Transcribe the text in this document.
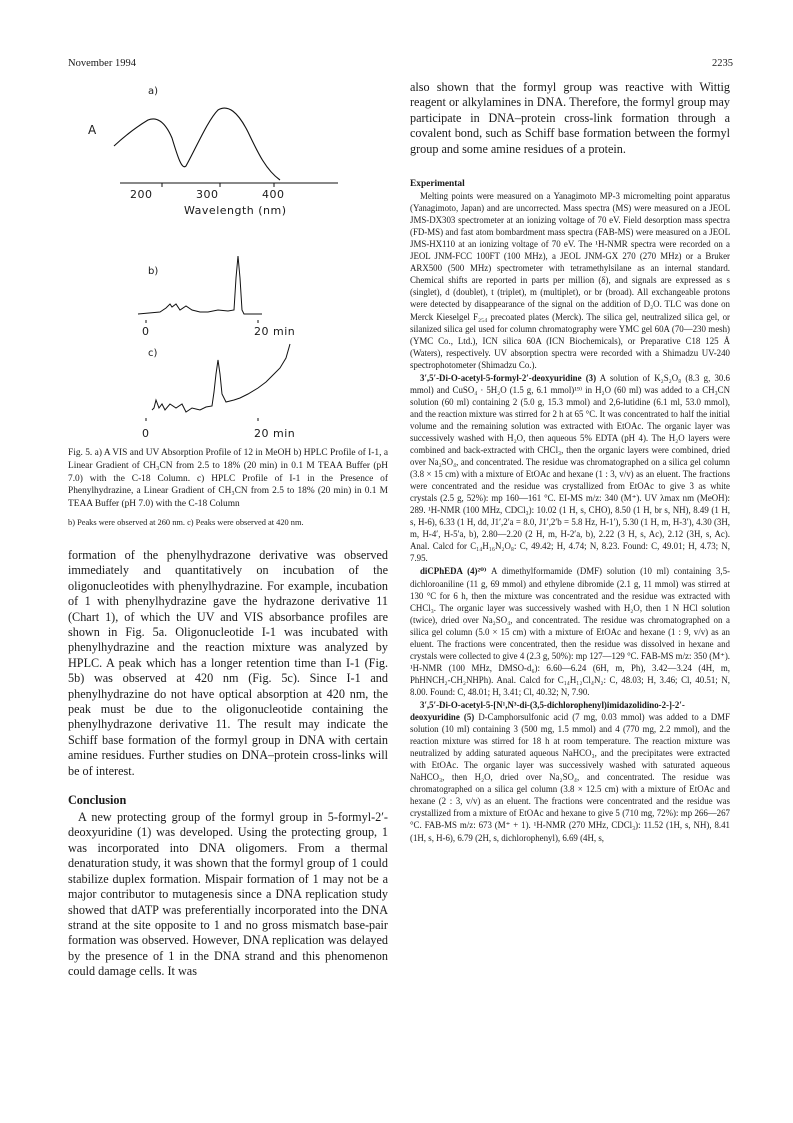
November 1994	2235
a)
A
200	300	400
Wavelength (nm)
b)
0	20 min
c)
0	20 min

Fig. 5. a) A VIS and UV Absorption Profile of 12 in MeOH b) HPLC Profile of I-1, a Linear Gradient of CH₃CN from 2.5 to 18% (20 min) in 0.1 M TEAA Buffer (pH 7.0) with the C-18 Column. c) HPLC Profile of I-1 in the Presence of Phenylhydrazine, a Linear Gradient of CH₃CN from 2.5 to 18% (20 min) in 0.1 M TEAA Buffer (pH 7.0) with the C-18 Column

b) Peaks were observed at 260 nm. c) Peaks were observed at 420 nm.

formation of the phenylhydrazone derivative was observed immediately and quantitatively on incubation of the oligonucleotides with phenylhydrazine. For example, incubation of 1 with phenylhydrazine gave the hydrazone derivative 11 (Chart 1), of which the UV and VIS absorbance profiles are shown in Fig. 5a. Oligonucleotide I-1 was incubated with phenylhydrazine and the reaction mixture was analyzed by HPLC. A peak which has a longer retention time than I-1 (Fig. 5b) was observed at 420 nm (Fig. 5c). Since I-1 and phenylhydrazine do not have optical absorption at 420 nm, the peak must be due to the oligonucleotide containing the phenylhydrazone derivative 11. The result may indicate the Schiff base formation of the formyl group in DNA with certain amine residues. Further studies on DNA–protein cross-links will be of interest.

Conclusion

A new protecting group of the formyl group in 5-formyl-2′-deoxyuridine (1) was developed. Using the protecting group, 1 was incorporated into DNA oligomers. From a thermal denaturation study, it was shown that the formyl group of 1 could stabilize duplex formation. Mispair formation of 1 may not be a major contributor to mutagenesis since a DNA replication study showed that dATP was preferentially incorporated into the DNA strand at the site opposite to 1 and no gross mismatch base-pair formation was observed. However, DNA replication was delayed by the presence of 1 in the DNA strand and this phenomenon could damage cells. It was

also shown that the formyl group was reactive with Wittig reagent or alkylamines in DNA. Therefore, the formyl group may participate in DNA–protein cross-link formation through a covalent bond, such as Schiff base formation between the formyl group and some amine residues of a protein.

Experimental

Melting points were measured on a Yanagimoto MP-3 micromelting point apparatus (Yanagimoto, Japan) and are uncorrected. Mass spectra (MS) were measured on a JEOL JMS-DX303 spectrometer at an ionizing voltage of 70 eV. Field desorption mass spectra (FD-MS) and fast atom bombardment mass spectra (FAB-MS) were measured on a JEOL JMS-HX110 at an ionizing voltage of 70 eV. The ¹H-NMR spectra were recorded on a JEOL JNM-FCC 100FT (100 MHz), a JEOL JNM-GX 270 (270 MHz) or a Bruker ARX500 (500 MHz) spectrometer with tetramethylsilane as an internal standard. Chemical shifts are reported in parts per million (δ), and signals are expressed as s (singlet), d (doublet), t (triplet), m (multiplet), or br (broad). All exchangeable protons were detected by disappearance of the signal on the addition of D₂O. TLC was done on Merck Kieselgel F₂₅₄ precoated plates (Merck). The silica gel, neutralized silica gel, or silanized silica gel used for column chromatography were YMC gel 60A (70—230 mesh) (YMC Co., Ltd.), ICN silica 60A (ICN Biochemicals), or Preparative C18 125 Å (Waters), respectively. UV absorption spectra were recorded with a Shimadzu UV-240 spectrophotometer (Shimadzu Co.).

3′,5′-Di-O-acetyl-5-formyl-2′-deoxyuridine (3) A solution of K₂S₂O₈ (8.3 g, 30.6 mmol) and CuSO₄ · 5H₂O (1.5 g, 6.1 mmol)¹⁹⁾ in H₂O (60 ml) was added to a CH₃CN solution (60 ml) containing 2 (5.0 g, 15.3 mmol) and 2,6-lutidine (6.1 ml, 53.0 mmol), and the reaction mixture was stirred for 2 h at 65 °C. It was concentrated to half the initial volume and the remaining solution was extracted with EtOAc. The organic layer was successively washed with H₂O, then aqueous 5% EDTA (pH 4). The H₂O layers were combined and back-extracted with CHCl₃, then the organic layers were combined, dried over Na₂SO₄, and concentrated. The residue was chromatographed on a silica gel column (3.8 × 15 cm) with a mixture of EtOAc and hexane (1 : 3, v/v) as an eluent. The fractions were concentrated and the residue was crystallized from EtOAc to give 3 as white crystals (2.5 g, 52%): mp 160—161 °C. EI-MS m/z: 340 (M⁺). UV λmax nm (MeOH): 289. ¹H-NMR (100 MHz, CDCl₃): 10.02 (1 H, s, CHO), 8.50 (1 H, br s, NH), 8.49 (1 H, s, H-6), 6.33 (1 H, dd, J1′,2′a = 8.0, J1′,2′b = 5.8 Hz, H-1′), 5.30 (1 H, m, H-3′), 4.30 (3H, m, H-4′, H-5′a, b), 2.80—2.20 (2 H, m, H-2′a, b), 2.22 (3 H, s, Ac), 2.12 (3H, s, Ac). Anal. Calcd for C₁₄H₁₆N₂O₈: C, 49.42; H, 4.74; N, 8.23. Found: C, 49.01; H, 4.73; N, 7.95.

diCPhEDA (4)²⁰⁾ A dimethylformamide (DMF) solution (10 ml) containing 3,5-dichloroaniline (11 g, 69 mmol) and ethylene dibromide (2.1 g, 11 mmol) was stirred at 130 °C for 6 h, then the mixture was concentrated and the residue was extracted with CHCl₃. The organic layer was successively washed with H₂O, then 1 N HCl solution (twice), dried over Na₂SO₄, and concentrated. The residue was chromatographed on a silica gel column (5.0 × 15 cm) with a mixture of EtOAc and hexane (1 : 9, v/v) as an eluent. The fractions were concentrated, then the residue was dissolved in hexane and crystals were collected to give 4 (2.3 g, 50%): mp 127—129 °C. FAB-MS m/z: 350 (M⁺). ¹H-NMR (100 MHz, DMSO-d₆): 6.60—6.24 (6H, m, Ph), 3.42—3.24 (4H, m, PhHNCH₂-CH₂NHPh). Anal. Calcd for C₁₄H₁₂Cl₄N₂: C, 48.03; H, 3.46; Cl, 40.51; N, 8.00. Found: C, 48.01; H, 3.41; Cl, 40.32; N, 7.90.

3′,5′-Di-O-acetyl-5-[N¹,N³-di-(3,5-dichlorophenyl)imidazolidino-2-]-2′-deoxyuridine (5) D-Camphorsulfonic acid (7 mg, 0.03 mmol) was added to a DMF solution (10 ml) containing 3 (500 mg, 1.5 mmol) and 4 (770 mg, 2.2 mmol), and the reaction mixture was stirred for 18 h at room temperature. The reaction mixture was neutralized by adding saturated aqueous NaHCO₃, and the precipitates were extracted with EtOAc. The organic layer was successively washed with saturated aqueous NaHCO₃, then H₂O, dried over Na₂SO₄, and concentrated. The residue was chromatographed on a silica gel column (3.8 × 12.5 cm) with a mixture of EtOAc and hexane (2 : 3, v/v) as an eluent. The fractions were concentrated and the residue was crystallized from a mixture of EtOAc and hexane to give 5 (710 mg, 72%): mp 266—267 °C. FAB-MS m/z: 673 (M⁺ + 1). ¹H-NMR (270 MHz, CDCl₃): 11.52 (1H, s, NH), 8.41 (1H, s, H-6), 6.79 (2H, s, dichlorophenyl), 6.69 (4H, s,
